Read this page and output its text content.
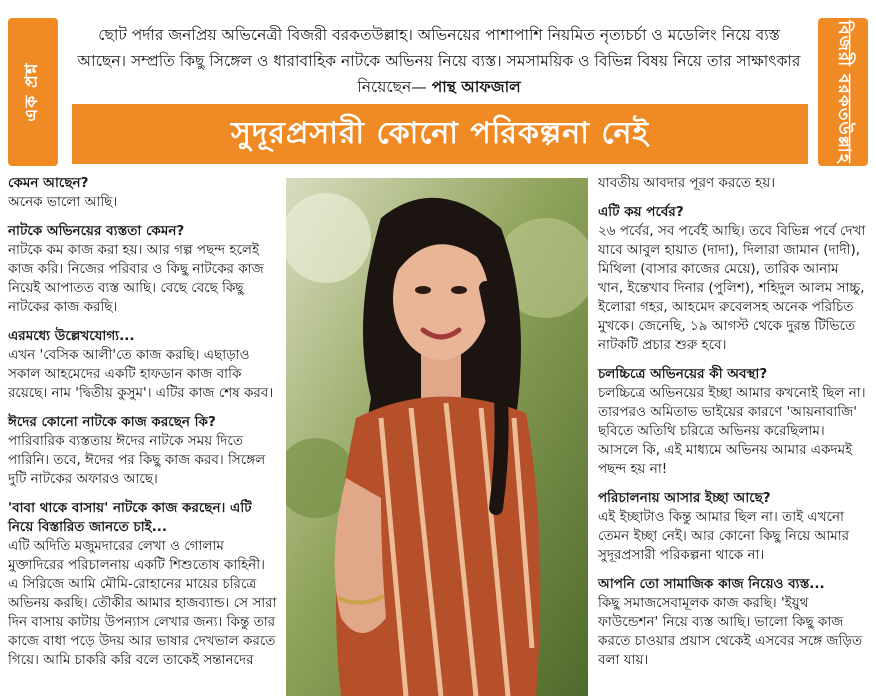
এক প্রশ্ন	বিজরী বরকতউল্লাহ
ছোট পর্দার জনপ্রিয় অভিনেত্রী বিজরী বরকতউল্লাহ। অভিনয়ের পাশাপাশি নিয়মিত নৃত্যচর্চা ও মডেলিং নিয়ে ব্যস্ত আছেন। সম্প্রতি কিছু সিঙ্গেল ও ধারাবাহিক নাটকে অভিনয় নিয়ে ব্যস্ত। সমসাময়িক ও বিভিন্ন বিষয় নিয়ে তার সাক্ষাৎকার নিয়েছেন— পান্থ আফজাল
সুদূরপ্রসারী কোনো পরিকল্পনা নেই
কেমন আছেন?
অনেক ভালো আছি।
নাটকে অভিনয়ের ব্যস্ততা কেমন?
নাটকে কম কাজ করা হয়। আর গল্প পছন্দ হলেই কাজ করি। নিজের পরিবার ও কিছু নাটকের কাজ নিয়েই আপাতত ব্যস্ত আছি। বেছে বেছে কিছু নাটকের কাজ করছি।
এরমধ্যে উল্লেখযোগ্য...
এখন 'বেসিক আলী'তে কাজ করছি। এছাড়াও সকাল আহমেদের একটি হাফডান কাজ বাকি রয়েছে। নাম 'দ্বিতীয় কুসুম'। এটির কাজ শেষ করব।
ঈদের কোনো নাটকে কাজ করছেন কি?
পারিবারিক ব্যস্ততায় ঈদের নাটকে সময় দিতে পারিনি। তবে, ঈদের পর কিছু কাজ করব। সিঙ্গেল দুটি নাটকের অফারও আছে।
'বাবা থাকে বাসায়' নাটকে কাজ করছেন। এটি নিয়ে বিস্তারিত জানতে চাই...
এটি অদিতি মজুমদারের লেখা ও গোলাম মুক্তাদিরের পরিচালনায় একটি শিশুতোষ কাহিনী। এ সিরিজে আমি মৌমি-রোহানের মায়ের চরিত্রে অভিনয় করছি। তৌকীর আমার হাজব্যান্ড। সে সারা দিন বাসায় কাটায় উপন্যাস লেখার জন্য। কিন্তু তার কাজে বাধা পড়ে উদয় আর ভাষার দেখভাল করতে গিয়ে। আমি চাকরি করি বলে তাকেই সন্তানদের
যাবতীয় আবদার পূরণ করতে হয়।
এটি কয় পর্বের?
২৬ পর্বের, সব পর্বেই আছি। তবে বিভিন্ন পর্বে দেখা যাবে আবুল হায়াত (দাদা), দিলারা জামান (দাদী), মিথিলা (বাসার কাজের মেয়ে), তারিক আনাম খান, ইন্তেখাব দিনার (পুলিশ), শহিদুল আলম সাচ্চু, ইলোরা গহর, আহমেদ রুবেলসহ অনেক পরিচিত মুখকে। জেনেছি, ১৯ আগস্ট থেকে দুরন্ত টিভিতে নাটকটি প্রচার শুরু হবে।
চলচ্চিত্রে অভিনয়ের কী অবস্থা?
চলচ্চিত্রে অভিনয়ের ইচ্ছা আমার কখনোই ছিল না। তারপরও অমিতাভ ভাইয়ের কারণে 'আয়নাবাজি' ছবিতে অতিথি চরিত্রে অভিনয় করেছিলাম। আসলে কি, এই মাধ্যমে অভিনয় আমার একদমই পছন্দ হয় না!
পরিচালনায় আসার ইচ্ছা আছে?
এই ইচ্ছাটাও কিন্তু আমার ছিল না। তাই এখনো তেমন ইচ্ছা নেই। আর কোনো কিছু নিয়ে আমার সুদূরপ্রসারী পরিকল্পনা থাকে না।
আপনি তো সামাজিক কাজ নিয়েও ব্যস্ত...
কিছু সমাজসেবামূলক কাজ করছি। 'ইয়ুথ ফাউন্ডেশন' নিয়ে ব্যস্ত আছি। ভালো কিছু কাজ করতে চাওয়ার প্রয়াস থেকেই এসবের সঙ্গে জড়িত বলা যায়।
